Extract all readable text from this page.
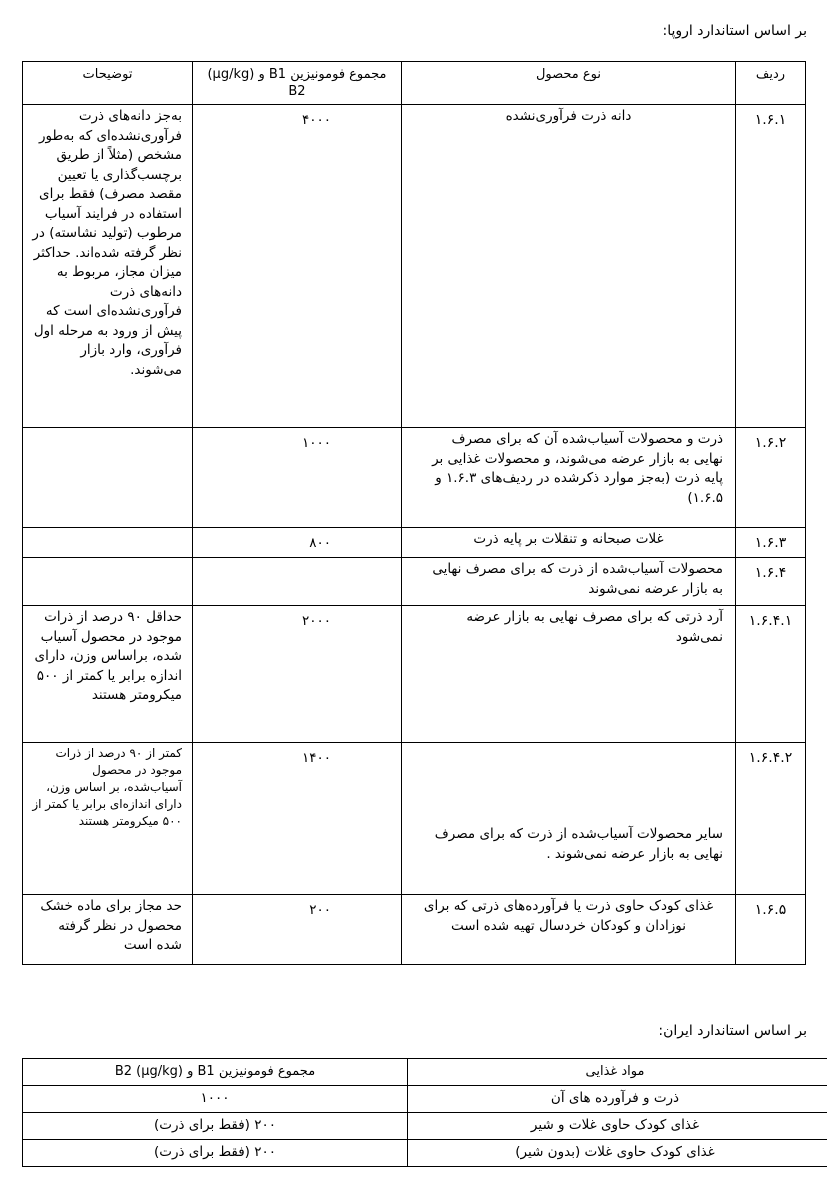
بر اساس استاندارد اروپا:
ردیف	نوع محصول	مجموع فومونیزین B1 و (µg/kg) B2	توضیحات
۱.۶.۱	دانه ذرت فرآوری‌نشده	۴۰۰۰	به‌جز دانه‌های ذرت فرآوری‌نشده‌ای که به‌طور مشخص (مثلاً از طریق برچسب‌گذاری یا تعیین مقصد مصرف) فقط برای استفاده در فرایند آسیاب مرطوب (تولید نشاسته) در نظر گرفته شده‌اند. حداکثر میزان مجاز، مربوط به دانه‌های ذرت فرآوری‌نشده‌ای است که پیش از ورود به مرحله اول فرآوری، وارد بازار می‌شوند.
۱.۶.۲	ذرت و محصولات آسیاب‌شده آن که برای مصرف نهایی به بازار عرضه می‌شوند، و محصولات غذایی بر پایه ذرت (به‌جز موارد ذکرشده در ردیف‌های ۱.۶.۳ و ۱.۶.۵)	۱۰۰۰	
۱.۶.۳	غلات صبحانه و تنقلات بر پایه ذرت	۸۰۰	
۱.۶.۴	محصولات آسیاب‌شده از ذرت که برای مصرف نهایی به بازار عرضه نمی‌شوند		
۱.۶.۴.۱	آرد ذرتی که برای مصرف نهایی به بازار عرضه نمی‌شود	۲۰۰۰	حداقل ۹۰ درصد از ذرات موجود در محصول آسیاب شده، براساس وزن، دارای اندازه برابر یا کمتر از ۵۰۰ میکرومتر هستند
۱.۶.۴.۲	سایر محصولات آسیاب‌شده از ذرت که برای مصرف نهایی به بازار عرضه نمی‌شوند .	۱۴۰۰	کمتر از ۹۰ درصد از ذرات موجود در محصول آسیاب‌شده، بر اساس وزن، دارای اندازه‌ای برابر یا کمتر از ۵۰۰ میکرومتر هستند
۱.۶.۵	غذای کودک حاوی ذرت یا فرآورده‌های ذرتی که برای نوزادان و کودکان خردسال تهیه شده است	۲۰۰	حد مجاز برای ماده خشک محصول در نظر گرفته شده است
بر اساس استاندارد ایران:
مواد غذایی	مجموع فومونیزین B1 و B2 (µg/kg)
ذرت و فرآورده های آن	۱۰۰۰
غذای کودک حاوی غلات و شیر	۲۰۰ (فقط برای ذرت)
غذای کودک حاوی غلات (بدون شیر)	۲۰۰ (فقط برای ذرت)
